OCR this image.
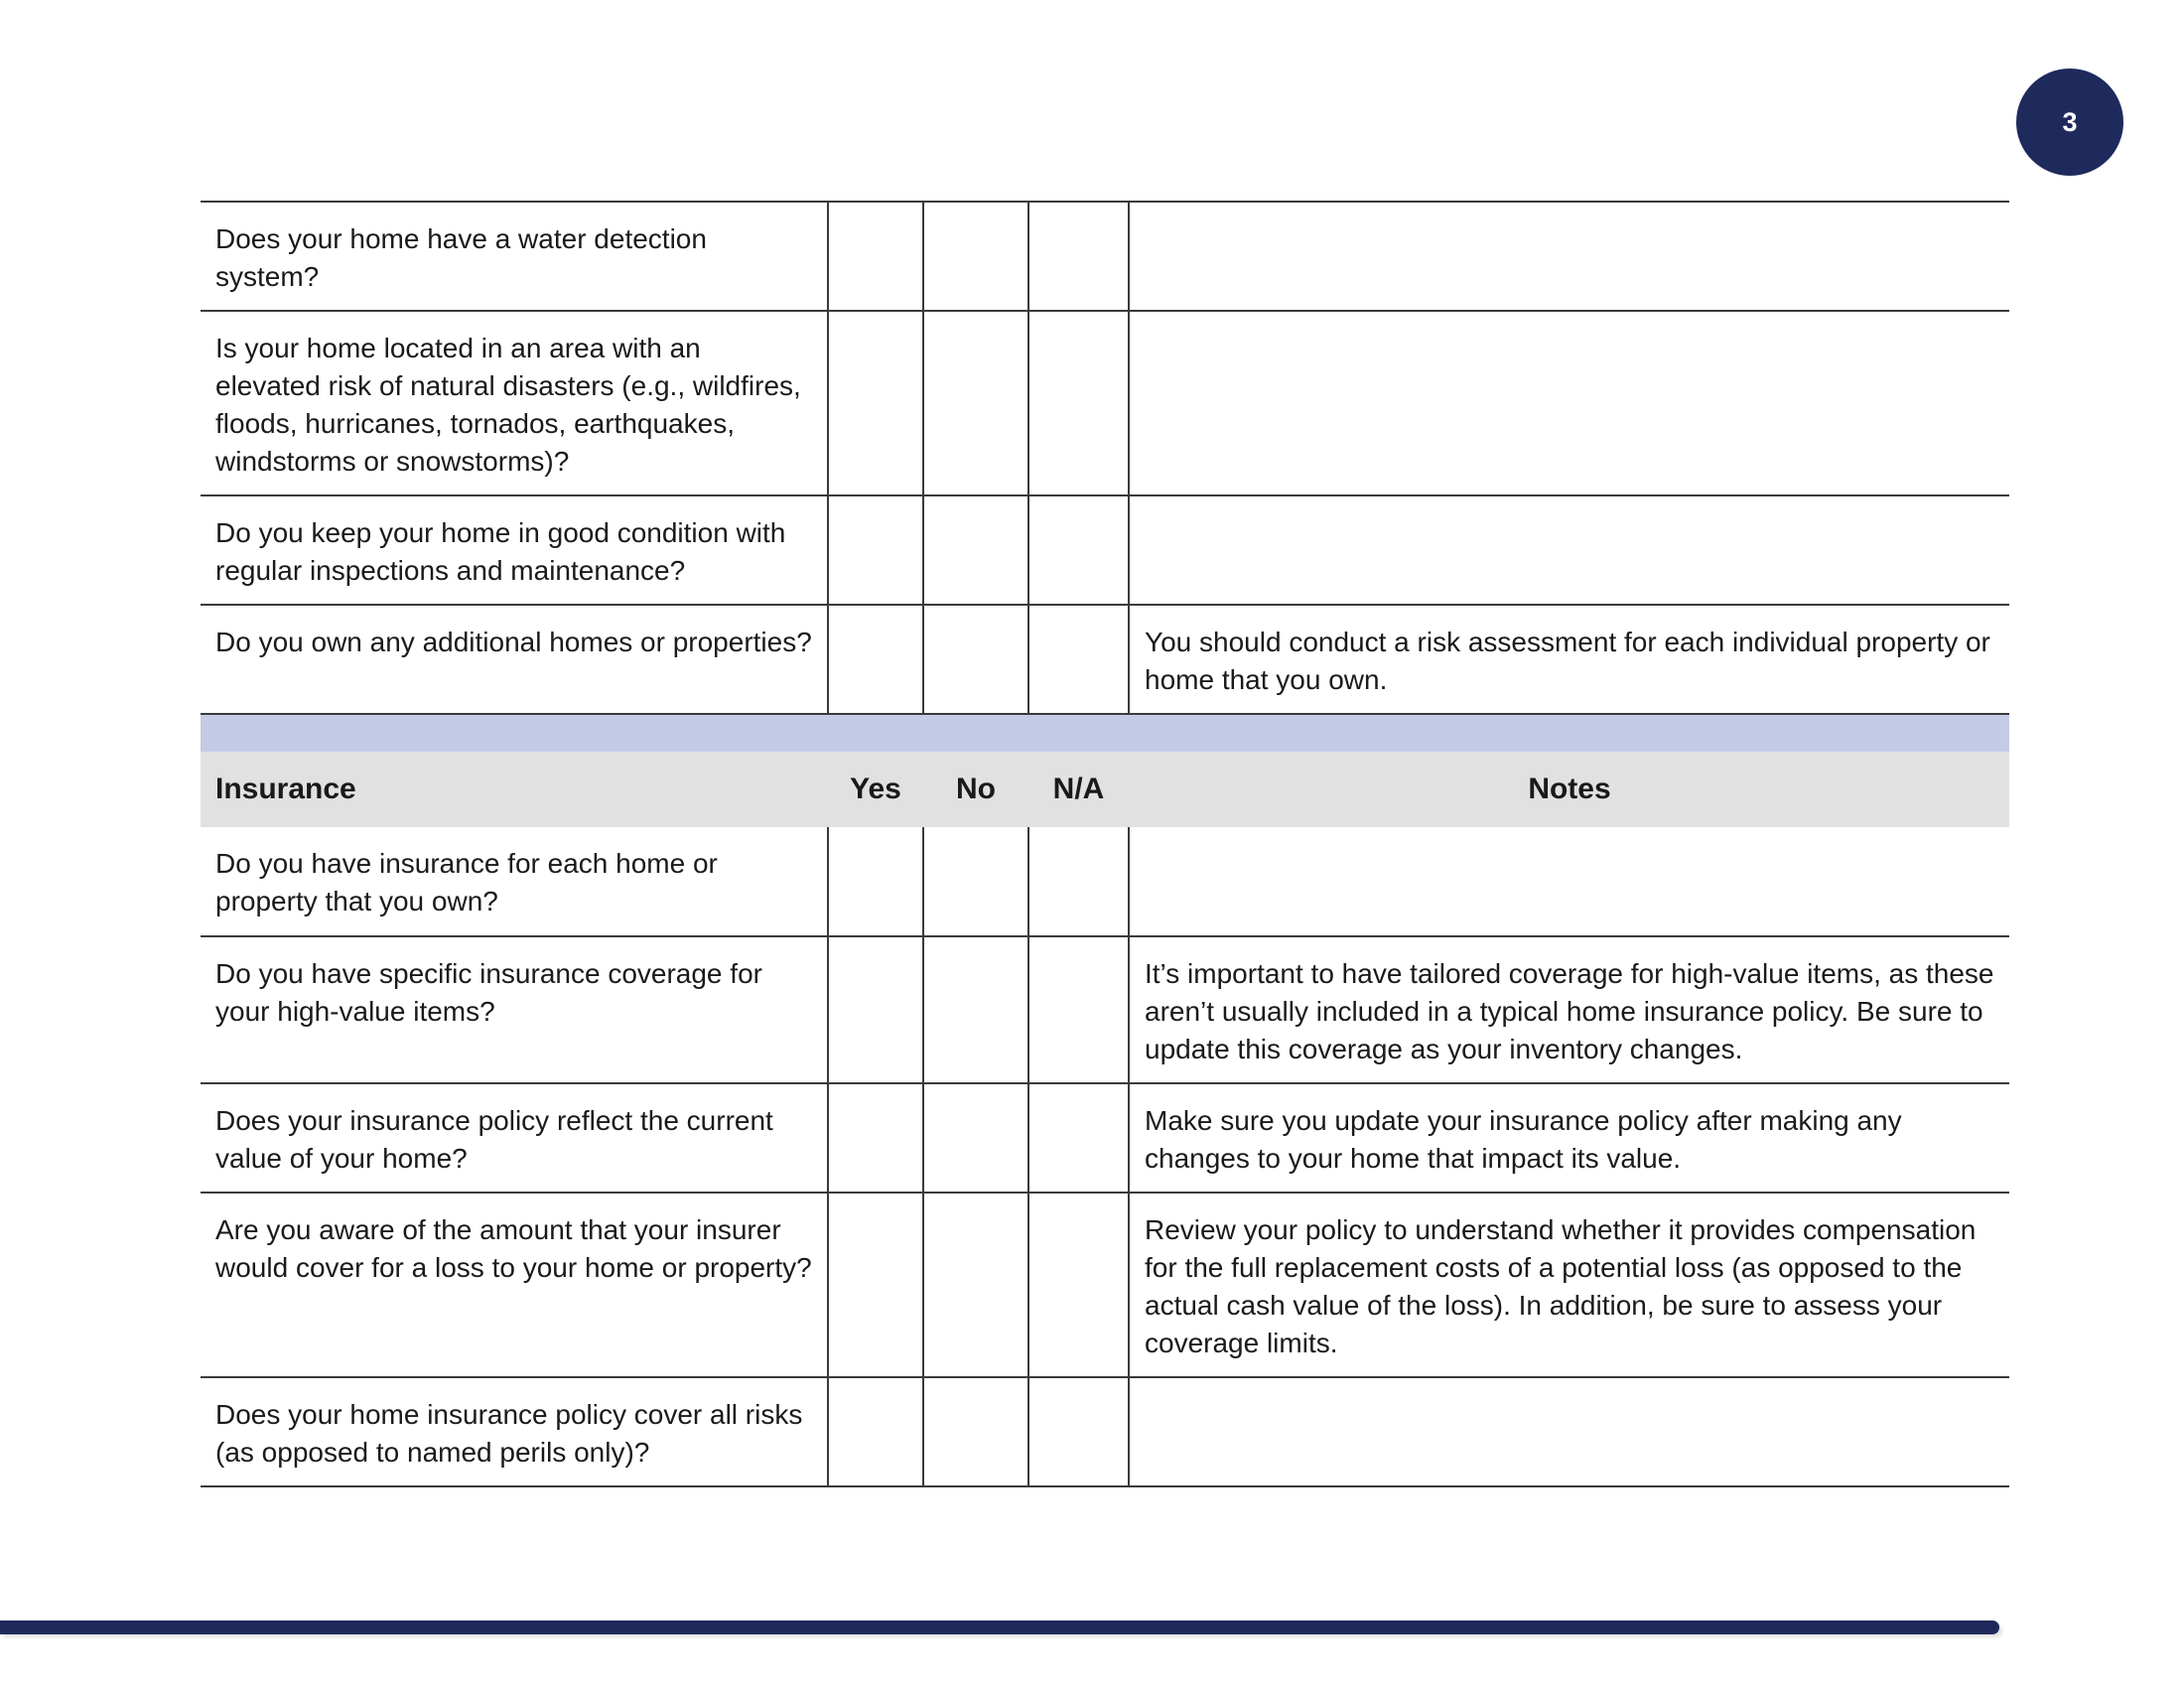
3
Does your home have a water detection system?				
Is your home located in an area with an elevated risk of natural disasters (e.g., wildfires, floods, hurricanes, tornados, earthquakes, windstorms or snowstorms)?				
Do you keep your home in good condition with regular inspections and maintenance?				
Do you own any additional homes or properties?				You should conduct a risk assessment for each individual property or home that you own.

Insurance	Yes	No	N/A	Notes
Do you have insurance for each home or property that you own?				
Do you have specific insurance coverage for your high-value items?				It’s important to have tailored coverage for high-value items, as these aren’t usually included in a typical home insurance policy. Be sure to update this coverage as your inventory changes.
Does your insurance policy reflect the current value of your home?				Make sure you update your insurance policy after making any changes to your home that impact its value.
Are you aware of the amount that your insurer would cover for a loss to your home or property?				Review your policy to understand whether it provides compensation for the full replacement costs of a potential loss (as opposed to the actual cash value of the loss). In addition, be sure to assess your coverage limits.
Does your home insurance policy cover all risks (as opposed to named perils only)?				
